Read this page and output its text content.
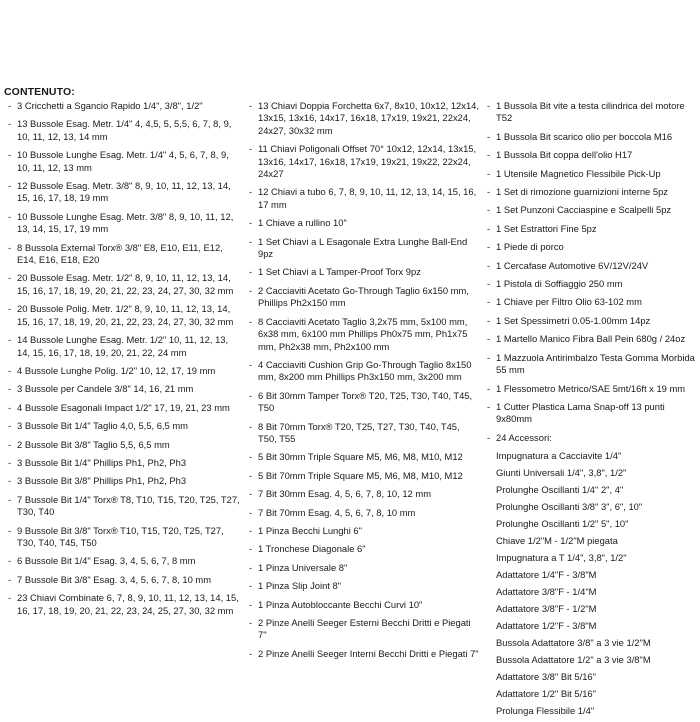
CONTENUTO:
- 3 Cricchetti a Sgancio Rapido 1/4", 3/8", 1/2"
- 13 Bussole Esag. Metr. 1/4" 4, 4,5, 5, 5,5, 6, 7, 8, 9, 10, 11, 12, 13, 14 mm
- 10 Bussole Lunghe Esag. Metr. 1/4" 4, 5, 6, 7, 8, 9, 10, 11, 12, 13 mm
- 12 Bussole Esag. Metr. 3/8" 8, 9, 10, 11, 12, 13, 14, 15, 16, 17, 18, 19 mm
- 10 Bussole Lunghe Esag. Metr. 3/8" 8, 9, 10, 11, 12, 13, 14, 15, 17, 19 mm
- 8 Bussola External Torx® 3/8" E8, E10, E11, E12, E14, E16, E18, E20
- 20 Bussole Esag. Metr. 1/2" 8, 9, 10, 11, 12, 13, 14, 15, 16, 17, 18, 19, 20, 21, 22, 23, 24, 27, 30, 32 mm
- 20 Bussole Polig. Metr. 1/2" 8, 9, 10, 11, 12, 13, 14, 15, 16, 17, 18, 19, 20, 21, 22, 23, 24, 27, 30, 32 mm
- 14 Bussole Lunghe Esag. Metr. 1/2" 10, 11, 12, 13, 14, 15, 16, 17, 18, 19, 20, 21, 22, 24 mm
- 4 Bussole Lunghe Polig. 1/2" 10, 12, 17, 19 mm
- 3 Bussole per Candele 3/8" 14, 16, 21 mm
- 4 Bussole Esagonali Impact 1/2" 17, 19, 21, 23 mm
- 3 Bussole Bit 1/4" Taglio 4,0, 5,5, 6,5 mm
- 2 Bussole Bit 3/8" Taglio 5,5, 6,5 mm
- 3 Bussole Bit 1/4" Phillips Ph1, Ph2, Ph3
- 3 Bussole Bit 3/8" Phillips Ph1, Ph2, Ph3
- 7 Bussole Bit 1/4" Torx® T8, T10, T15, T20, T25, T27, T30, T40
- 9 Bussole Bit 3/8" Torx® T10, T15, T20, T25, T27, T30, T40, T45, T50
- 6 Bussole Bit 1/4" Esag. 3, 4, 5, 6, 7, 8 mm
- 7 Bussole Bit 3/8" Esag. 3, 4, 5, 6, 7, 8, 10 mm
- 23 Chiavi Combinate 6, 7, 8, 9, 10, 11, 12, 13, 14, 15, 16, 17, 18, 19, 20, 21, 22, 23, 24, 25, 27, 30, 32 mm
- 13 Chiavi Doppia Forchetta 6x7, 8x10, 10x12, 12x14, 13x15, 13x16, 14x17, 16x18, 17x19, 19x21, 22x24, 24x27, 30x32 mm
- 11 Chiavi Poligonali Offset 70° 10x12, 12x14, 13x15, 13x16, 14x17, 16x18, 17x19, 19x21, 19x22, 22x24, 24x27
- 12 Chiavi a tubo 6, 7, 8, 9, 10, 11, 12, 13, 14, 15, 16, 17 mm
- 1 Chiave a rullino 10"
- 1 Set Chiavi a L Esagonale Extra Lunghe Ball-End 9pz
- 1 Set Chiavi a L Tamper-Proof Torx 9pz
- 2 Cacciaviti Acetato Go-Through Taglio 6x150 mm, Phillips Ph2x150 mm
- 8 Cacciaviti Acetato Taglio 3,2x75 mm, 5x100 mm, 6x38 mm, 6x100 mm Phillips Ph0x75 mm, Ph1x75 mm, Ph2x38 mm, Ph2x100 mm
- 4 Cacciaviti Cushion Grip Go-Through Taglio 8x150 mm, 8x200 mm Phillips Ph3x150 mm, 3x200 mm
- 6 Bit 30mm Tamper Torx® T20, T25, T30, T40, T45, T50
- 8 Bit 70mm Torx® T20, T25, T27, T30, T40, T45, T50, T55
- 5 Bit 30mm Triple Square M5, M6, M8, M10, M12
- 5 Bit 70mm Triple Square M5, M6, M8, M10, M12
- 7 Bit 30mm Esag. 4, 5, 6, 7, 8, 10, 12 mm
- 7 Bit 70mm Esag. 4, 5, 6, 7, 8, 10 mm
- 1 Pinza Becchi Lunghi 6"
- 1 Tronchese Diagonale 6"
- 1 Pinza Universale 8"
- 1 Pinza Slip Joint 8"
- 1 Pinza Autobloccante Becchi Curvi 10"
- 2 Pinze Anelli Seeger Esterni Becchi Dritti e Piegati 7"
- 2 Pinze Anelli Seeger Interni Becchi Dritti e Piegati 7"
- 1 Bussola Bit vite a testa cilindrica del motore T52
- 1 Bussola Bit scarico olio per boccola M16
- 1 Bussola Bit coppa dell'olio H17
- 1 Utensile Magnetico Flessibile Pick-Up
- 1 Set di rimozione guarnizioni interne 5pz
- 1 Set Punzoni Cacciaspine e Scalpelli 5pz
- 1 Set Estrattori Fine 5pz
- 1 Piede di porco
- 1 Cercafase Automotive 6V/12V/24V
- 1 Pistola di Soffiaggio 250 mm
- 1 Chiave per Filtro Olio 63-102 mm
- 1 Set Spessimetri 0.05-1.00mm 14pz
- 1 Martello Manico Fibra Ball Pein 680g / 24oz
- 1 Mazzuola Antirimbalzo Testa Gomma Morbida 55 mm
- 1 Flessometro Metrico/SAE 5mt/16ft x 19 mm
- 1 Cutter Plastica Lama Snap-off 13 punti 9x80mm
- 24 Accessori:
Impugnatura a Cacciavite 1/4"
Giunti Universali 1/4", 3,8", 1/2"
Prolunghe Oscillanti 1/4" 2", 4"
Prolunghe Oscillanti 3/8" 3", 6", 10"
Prolunghe Oscillanti 1/2" 5", 10"
Chiave 1/2"M - 1/2"M piegata
Impugnatura a T 1/4", 3,8", 1/2"
Adattatore 1/4"F - 3/8"M
Adattatore 3/8"F - 1/4"M
Adattatore 3/8"F - 1/2"M
Adattatore 1/2"F - 3/8"M
Bussola Adattatore 3/8" a 3 vie 1/2"M
Bussola Adattatore 1/2" a 3 vie 3/8"M
Adattatore 3/8" Bit 5/16"
Adattatore 1/2" Bit 5/16"
Prolunga Flessibile 1/4"
